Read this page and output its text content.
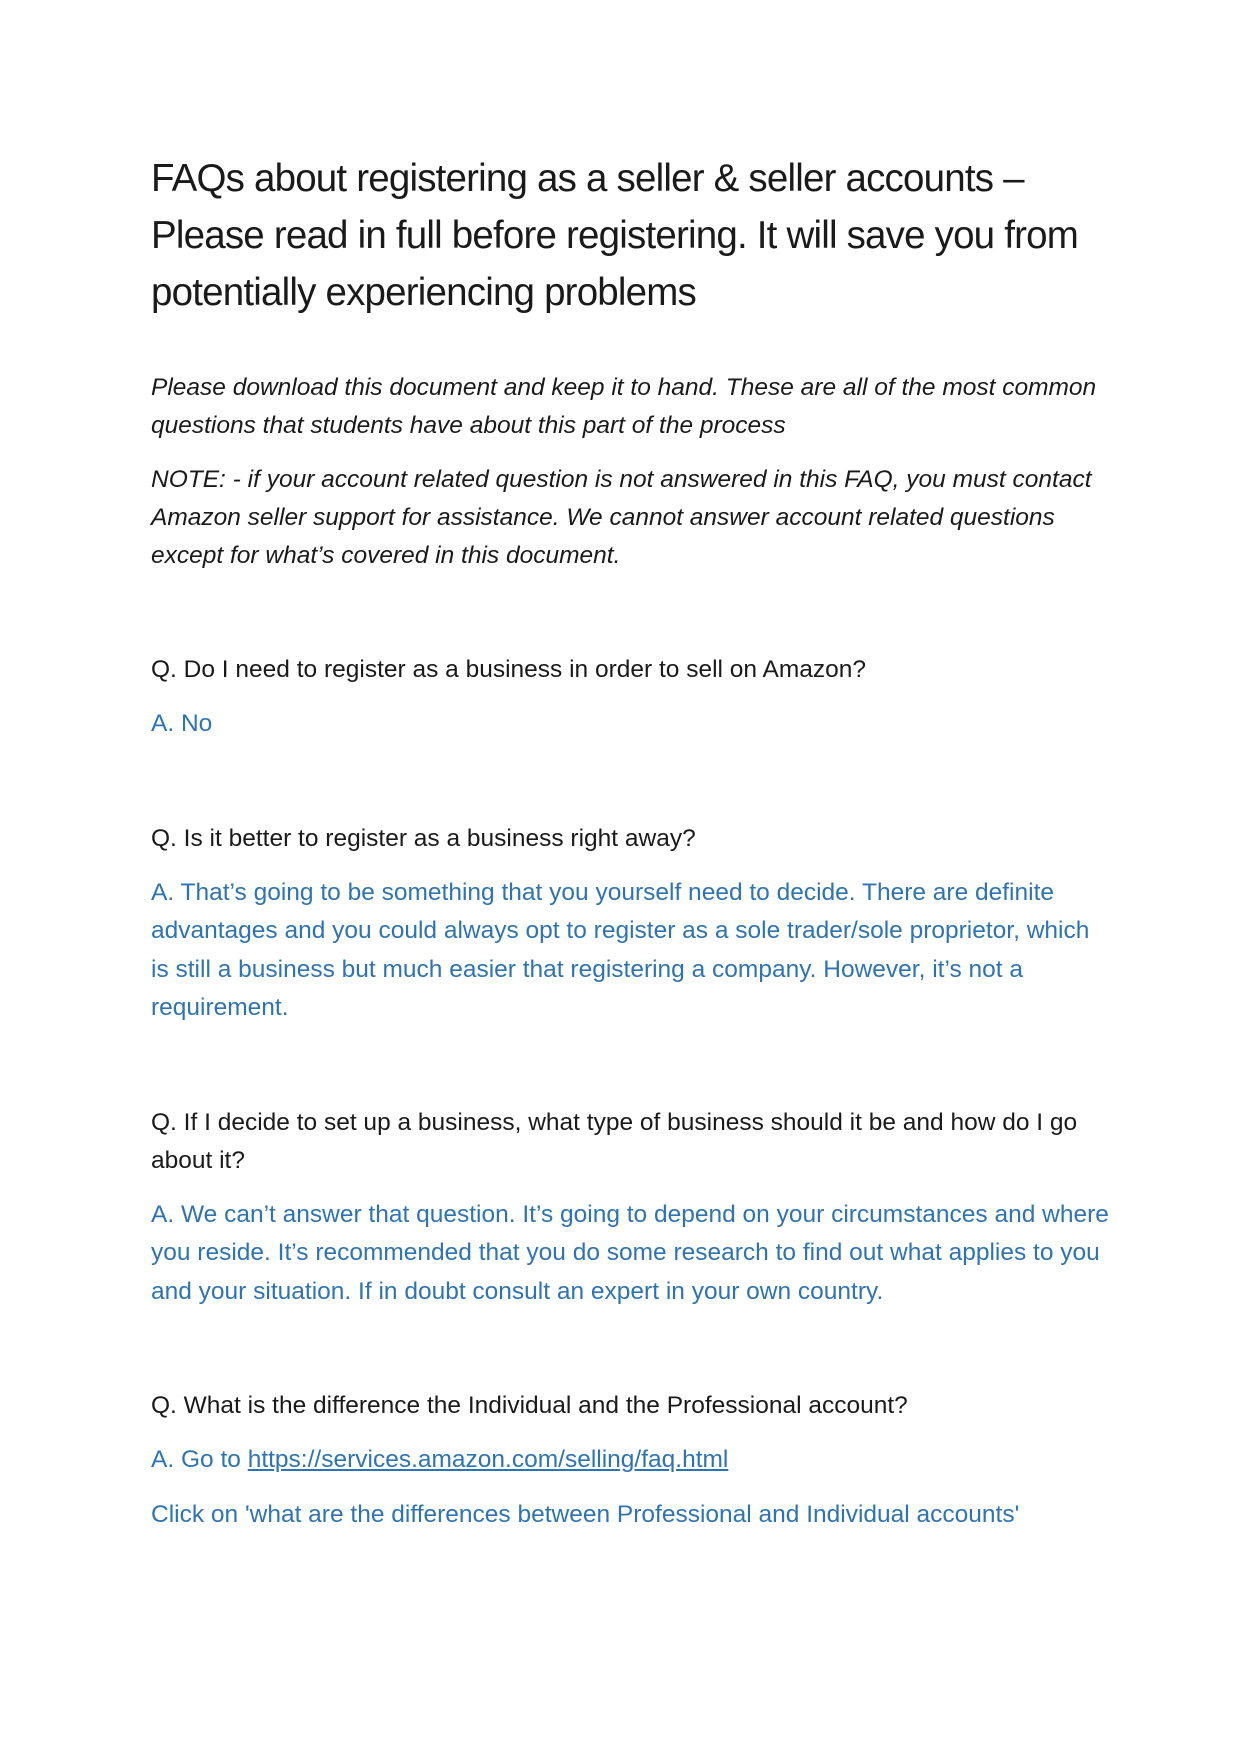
FAQs about registering as a seller & seller accounts – Please read in full before registering. It will save you from potentially experiencing problems

Please download this document and keep it to hand. These are all of the most common questions that students have about this part of the process

NOTE: - if your account related question is not answered in this FAQ, you must contact Amazon seller support for assistance. We cannot answer account related questions except for what’s covered in this document.

Q. Do I need to register as a business in order to sell on Amazon?

A. No

Q. Is it better to register as a business right away?

A. That’s going to be something that you yourself need to decide. There are definite advantages and you could always opt to register as a sole trader/sole proprietor, which is still a business but much easier that registering a company. However, it’s not a requirement.

Q. If I decide to set up a business, what type of business should it be and how do I go about it?

A. We can’t answer that question. It’s going to depend on your circumstances and where you reside. It’s recommended that you do some research to find out what applies to you and your situation. If in doubt consult an expert in your own country.

Q. What is the difference the Individual and the Professional account?

A. Go to https://services.amazon.com/selling/faq.html

Click on 'what are the differences between Professional and Individual accounts'
